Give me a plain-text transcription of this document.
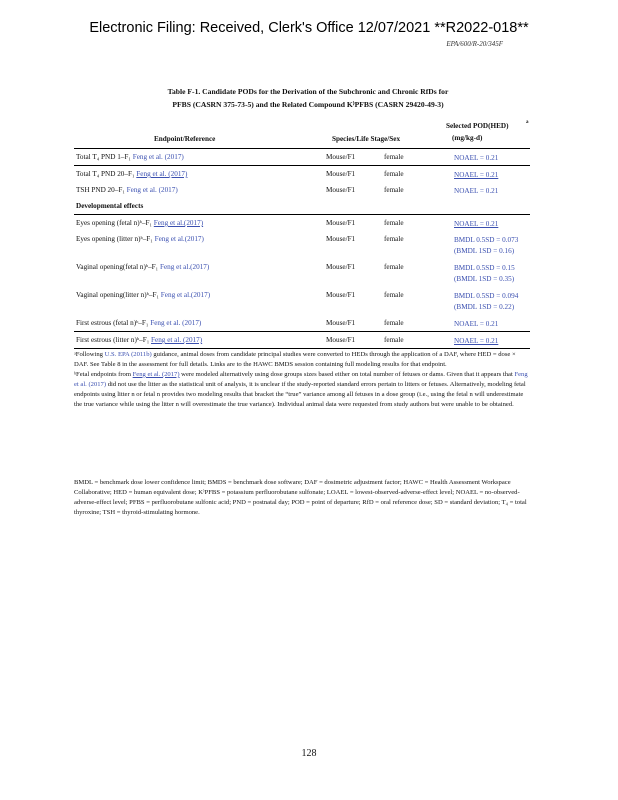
Electronic Filing: Received, Clerk's Office 12/07/2021 **R2022-018**
EPA/600/R-20/345F
Table F-1. Candidate PODs for the Derivation of the Subchronic and Chronic RfDs for
PFBS (CASRN 375-73-5) and the Related Compound K⁾PFBS (CASRN 29420-49-3)
Endpoint/Reference	Species/Life Stage/Sex
Selected POD(HED)
(mg/kg-d)
a
Total T₄ PND 1–F₁ Feng et al. (2017)	Mouse/F1	female	NOAEL = 0.21
Total T₄ PND 20–F₁ Feng et al. (2017)	Mouse/F1	female	NOAEL = 0.21
TSH PND 20–F₁ Feng et al. (2017)	Mouse/F1	female	NOAEL = 0.21
Developmental effects
Eyes opening (fetal n)ᵇ–F₁ Feng et al.(2017)	Mouse/F1	female	NOAEL = 0.21
Eyes opening (litter n)ᵇ–F₁ Feng et al.(2017)	Mouse/F1	female	BMDL 0.5SD = 0.073
(BMDL 1SD = 0.16)
Vaginal opening(fetal n)ᵇ–F₁ Feng et al.(2017)	Mouse/F1	female	BMDL 0.5SD = 0.15
(BMDL 1SD = 0.35)
Vaginal opening(litter n)ᵇ–F₁ Feng et al.(2017)	Mouse/F1	female	BMDL 0.5SD = 0.094
(BMDL 1SD = 0.22)
First estrous (fetal n)ᵇ–F₁ Feng et al. (2017)	Mouse/F1	female	NOAEL = 0.21
First estrous (litter n)ᵇ–F₁ Feng et al. (2017)	Mouse/F1	female	NOAEL = 0.21

ᵃFollowing U.S. EPA (2011b) guidance, animal doses from candidate principal studies were converted to HEDs through the application of a DAF, where HED = dose × DAF. See Table 8 in the assessment for full details. Links are to the HAWC BMDS session containing full modeling results for that endpoint.

ᵇFetal endpoints from Feng et al. (2017) were modeled alternatively using dose groups sizes based either on total number of fetuses or dams. Given that it appears that Feng et al. (2017) did not use the litter as the statistical unit of analysis, it is unclear if the study-reported standard errors pertain to litters or fetuses. Alternatively, modeling fetal endpoints using litter n or fetal n provides two modeling results that bracket the “true” variance among all fetuses in a dose group (i.e., using the fetal n will underestimate the true variance while using the litter n will overestimate the true variance). Individual animal data were requested from study authors but were unable to be obtained.

BMDL = benchmark dose lower confidence limit; BMDS = benchmark dose software; DAF = dosimetric adjustment factor; HAWC = Health Assessment Workspace Collaborative; HED = human equivalent dose; K⁾PFBS = potassium perfluorobutane sulfonate; LOAEL = lowest-observed-adverse-effect level; NOAEL = no-observed-adverse-effect level; PFBS = perfluorobutane sulfonic acid; PND = postnatal day; POD = point of departure; RfD = oral reference dose; SD = standard deviation; T₄ = total thyroxine; TSH = thyroid-stimulating hormone.
128
